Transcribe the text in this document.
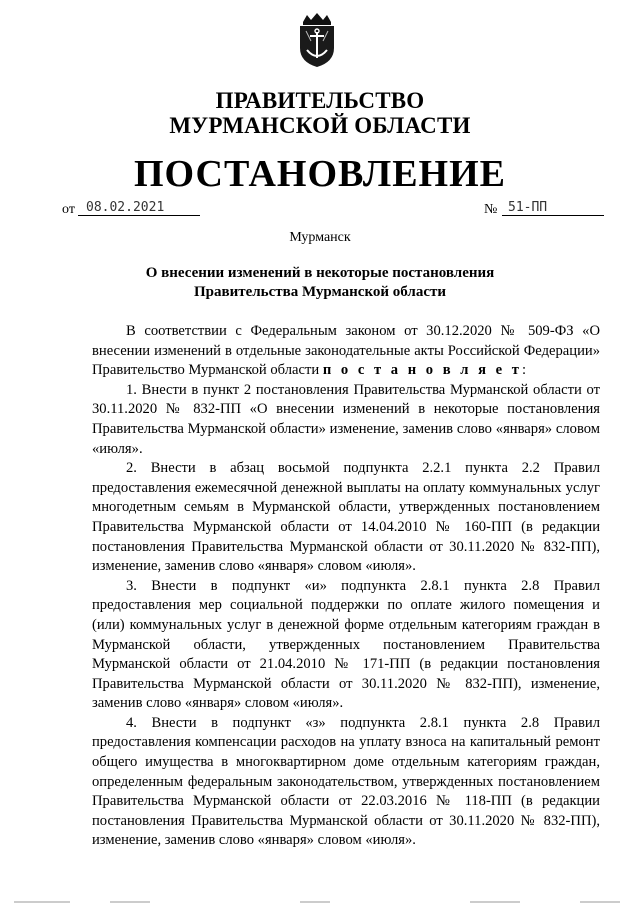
ПРАВИТЕЛЬСТВО
МУРМАНСКОЙ ОБЛАСТИ
ПОСТАНОВЛЕНИЕ
от 08.02.2021	№ 51-ПП
Мурманск
О внесении изменений в некоторые постановления
Правительства Мурманской области

В соответствии с Федеральным законом от 30.12.2020 № 509-ФЗ «О внесении изменений в отдельные законодательные акты Российской Федерации» Правительство Мурманской области п о с т а н о в л я е т:

1. Внести в пункт 2 постановления Правительства Мурманской области от 30.11.2020 № 832-ПП «О внесении изменений в некоторые постановления Правительства Мурманской области» изменение, заменив слово «января» словом «июля».

2. Внести в абзац восьмой подпункта 2.2.1 пункта 2.2 Правил предоставления ежемесячной денежной выплаты на оплату коммунальных услуг многодетным семьям в Мурманской области, утвержденных постановлением Правительства Мурманской области от 14.04.2010 № 160-ПП (в редакции постановления Правительства Мурманской области от 30.11.2020 № 832-ПП), изменение, заменив слово «января» словом «июля».

3. Внести в подпункт «и» подпункта 2.8.1 пункта 2.8 Правил предоставления мер социальной поддержки по оплате жилого помещения и (или) коммунальных услуг в денежной форме отдельным категориям граждан в Мурманской области, утвержденных постановлением Правительства Мурманской области от 21.04.2010 № 171-ПП (в редакции постановления Правительства Мурманской области от 30.11.2020 № 832-ПП), изменение, заменив слово «января» словом «июля».

4. Внести в подпункт «з» подпункта 2.8.1 пункта 2.8 Правил предоставления компенсации расходов на уплату взноса на капитальный ремонт общего имущества в многоквартирном доме отдельным категориям граждан, определенным федеральным законодательством, утвержденных постановлением Правительства Мурманской области от 22.03.2016 № 118-ПП (в редакции постановления Правительства Мурманской области от 30.11.2020 № 832-ПП), изменение, заменив слово «января» словом «июля».
